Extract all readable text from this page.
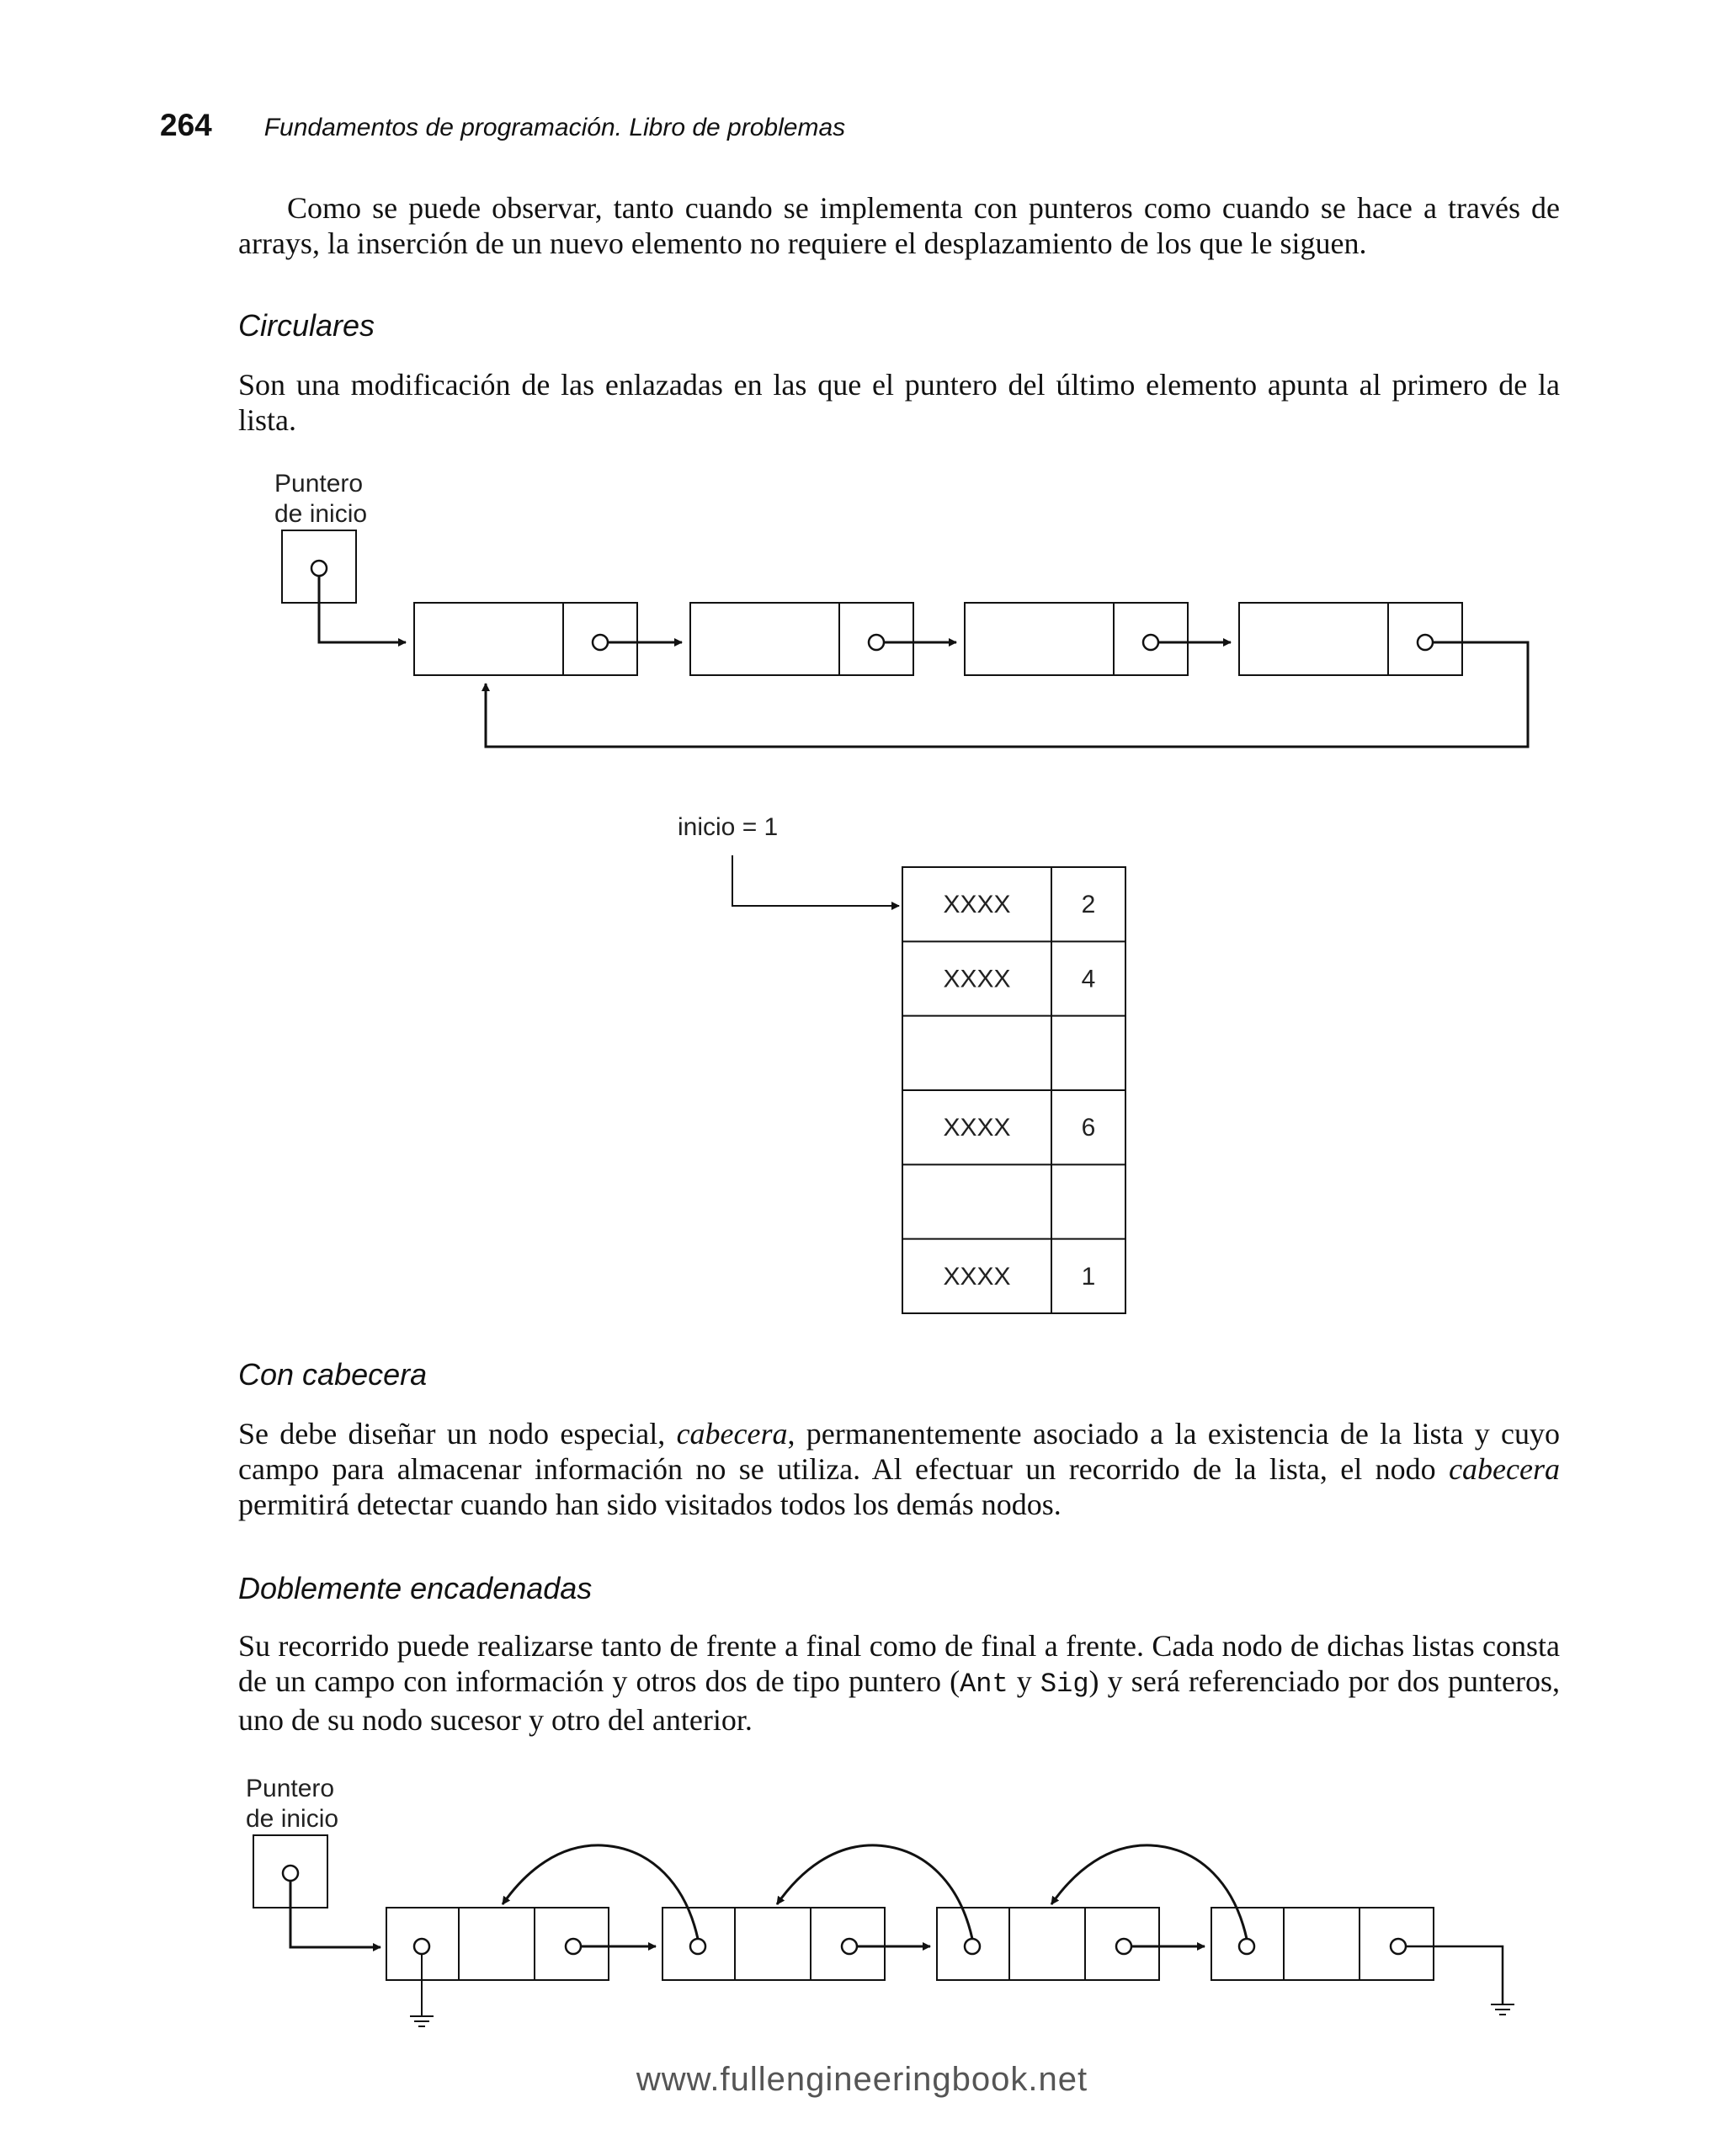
264 Fundamentos de programación. Libro de problemas

Como se puede observar, tanto cuando se implementa con punteros como cuando se hace a través de arrays, la inserción de un nuevo elemento no requiere el desplazamiento de los que le siguen.

Circulares

Son una modificación de las enlazadas en las que el puntero del último elemento apunta al primero de la lista.

Puntero
de inicio
inicio = 1
XXXX	2
XXXX	4
XXXX	6
XXXX	1
Con cabecera

Se debe diseñar un nodo especial, cabecera, permanentemente asociado a la existencia de la lista y cuyo campo para almacenar información no se utiliza. Al efectuar un recorrido de la lista, el nodo cabecera permitirá detectar cuando han sido visitados todos los demás nodos.

Doblemente encadenadas

Su recorrido puede realizarse tanto de frente a final como de final a frente. Cada nodo de dichas listas consta de un campo con información y otros dos de tipo puntero (Ant y Sig) y será referenciado por dos punteros, uno de su nodo sucesor y otro del anterior.

Puntero
de inicio
www.fullengineeringbook.net
